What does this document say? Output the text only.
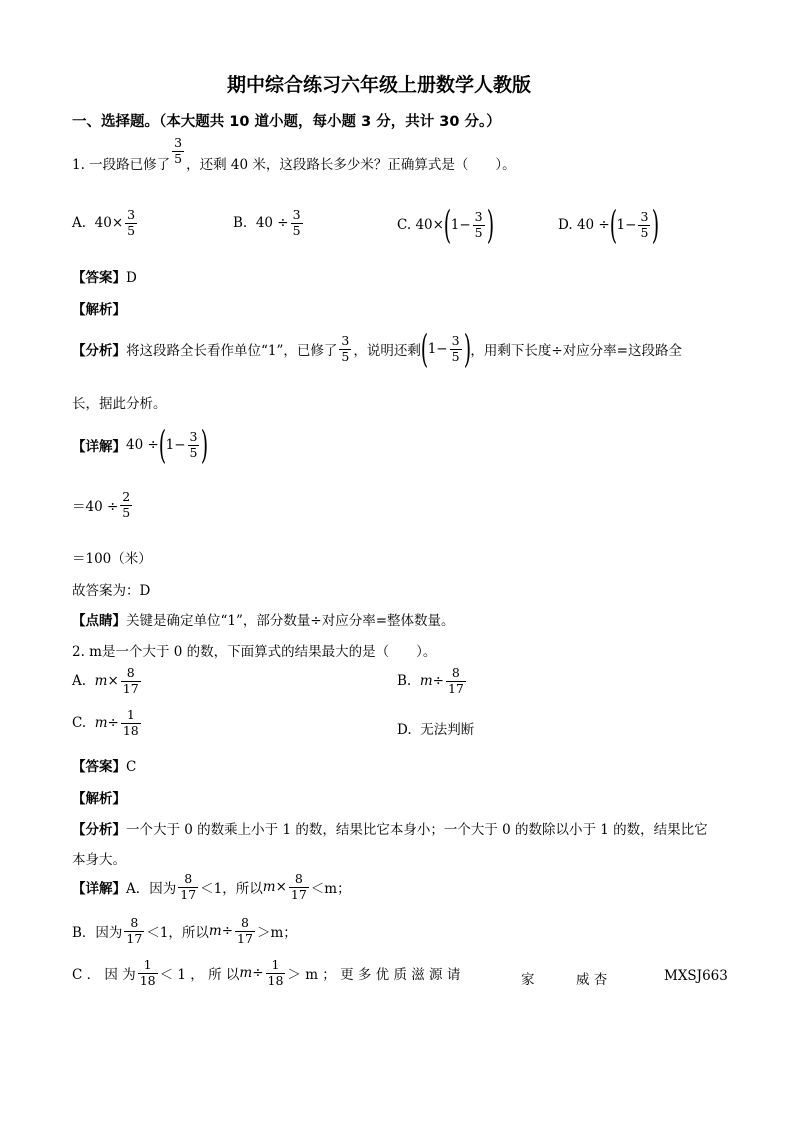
期中综合练习六年级上册数学人教版
一、选择题。（本大题共 10 道小题，每小题 3 分，共计 30 分。）
1. 一段路已修了 $\frac{3}{5}$ ，还剩 40 米，这段路长多少米？正确算式是（　　）。
A.
$40\times \frac{3}{5}$	B.
$40 \div \frac{3}{5}$	C.
40× ( $1- \frac{3}{5}$ )	D.
40 ÷ ( $1- \frac{3}{5}$ )
【答案】D
【解析】
【分析】 将这段路全长看作单位“1”，已修了 $\frac{3}{5}$ ，说明还剩 ( $1- \frac{3}{5}$ ) ，用剩下长度÷对应分率=这段路全
长，据此分析。
【详解】 40 ÷ ( $1- \frac{3}{5}$ )
$=40 \div \frac{2}{5}$
＝100（米）
故答案为：D
【点睛】关键是确定单位“1”，部分数量÷对应分率=整体数量。
2. m是一个大于 0 的数，下面算式的结果最大的是（　　）。
A.
$m \times \frac{8}{17}$	B.
$m \div \frac{8}{17}$
C.
$m \div \frac{1}{18}$	D. 无法判断
【答案】C
【解析】
【分析】一个大于 0 的数乘上小于 1 的数，结果比它本身小；一个大于 0 的数除以小于 1 的数，结果比它
本身大。
【详解】 A．因为 $\frac{8}{17} <1$，所以 $m \times \frac{8}{17} <m$；
B．因为 $\frac{8}{17} <1$，所以 $m \div \frac{8}{17} >m$；
C ． 因 为 $\frac{1}{18} < 1$ ， 所 以 $m \div \frac{1}{18} > m$ ； 更 多 优 质 滋 源 请	家	威 杏	MXSJ663
